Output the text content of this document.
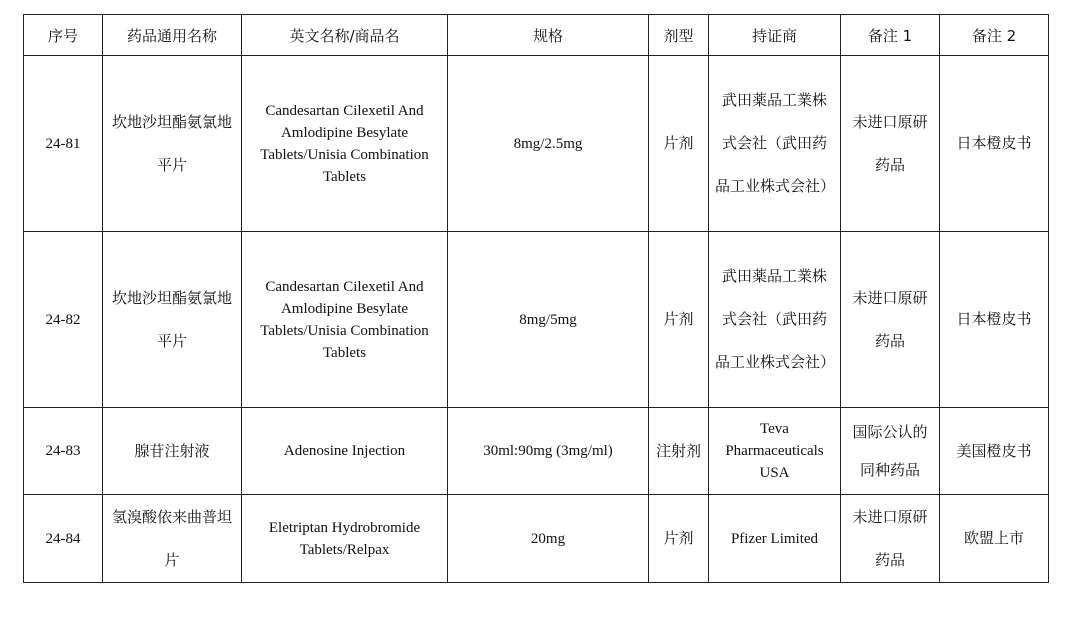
序号	药品通用名称	英文名称/商品名	规格	剂型	持证商	备注 1	备注 2
24-81	坎地沙坦酯氨氯地平片	Candesartan Cilexetil And Amlodipine Besylate Tablets/Unisia Combination Tablets	8mg/2.5mg	片剂	武田薬品工業株式会社（武田药品工业株式会社）	未进口原研药品	日本橙皮书
24-82	坎地沙坦酯氨氯地平片	Candesartan Cilexetil And Amlodipine Besylate Tablets/Unisia Combination Tablets	8mg/5mg	片剂	武田薬品工業株式会社（武田药品工业株式会社）	未进口原研药品	日本橙皮书
24-83	腺苷注射液	Adenosine Injection	30ml:90mg (3mg/ml)	注射剂	Teva Pharmaceuticals USA	国际公认的同种药品	美国橙皮书
24-84	氢溴酸依来曲普坦片	Eletriptan Hydrobromide Tablets/Relpax	20mg	片剂	Pfizer Limited	未进口原研药品	欧盟上市
